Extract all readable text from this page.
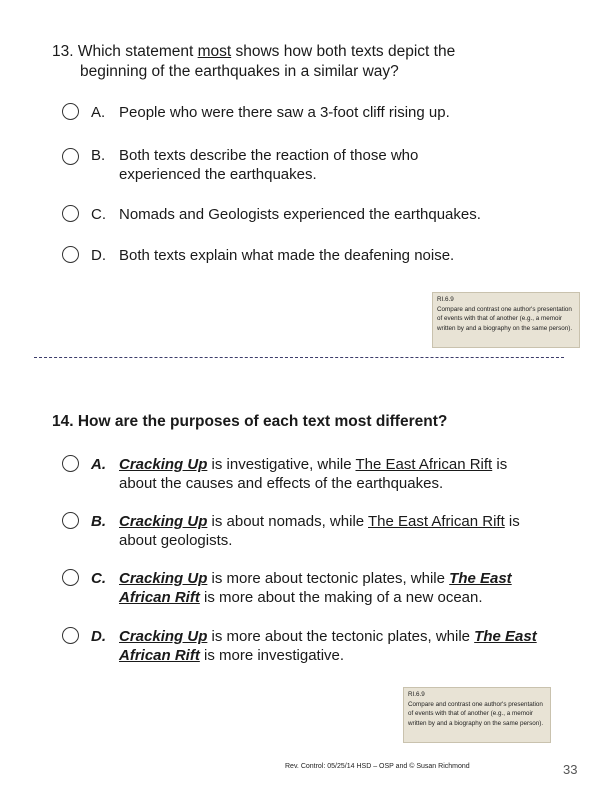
13. Which statement most shows how both texts depict the
beginning of the earthquakes in a similar way?
A. People who were there saw a 3-foot cliff rising up.
B. Both texts describe the reaction of those who
experienced the earthquakes.
C. Nomads and Geologists experienced the earthquakes.
D. Both texts explain what made the deafening noise.
RI.6.9
Compare and contrast one author's presentation of events with that of another (e.g., a memoir written by and a biography on the same person).
14. How are the purposes of each text most different?
A. Cracking Up is investigative, while The East African Rift is
about the causes and effects of the earthquakes.
B. Cracking Up is about nomads, while The East African Rift is
about geologists.
C. Cracking Up is more about tectonic plates, while The East
African Rift is more about the making of a new ocean.
D. Cracking Up is more about the tectonic plates, while The East
African Rift is more investigative.
RI.6.9
Compare and contrast one author's presentation of events with that of another (e.g., a memoir written by and a biography on the same person).
Rev. Control: 05/25/14 HSD – OSP and © Susan Richmond	33
